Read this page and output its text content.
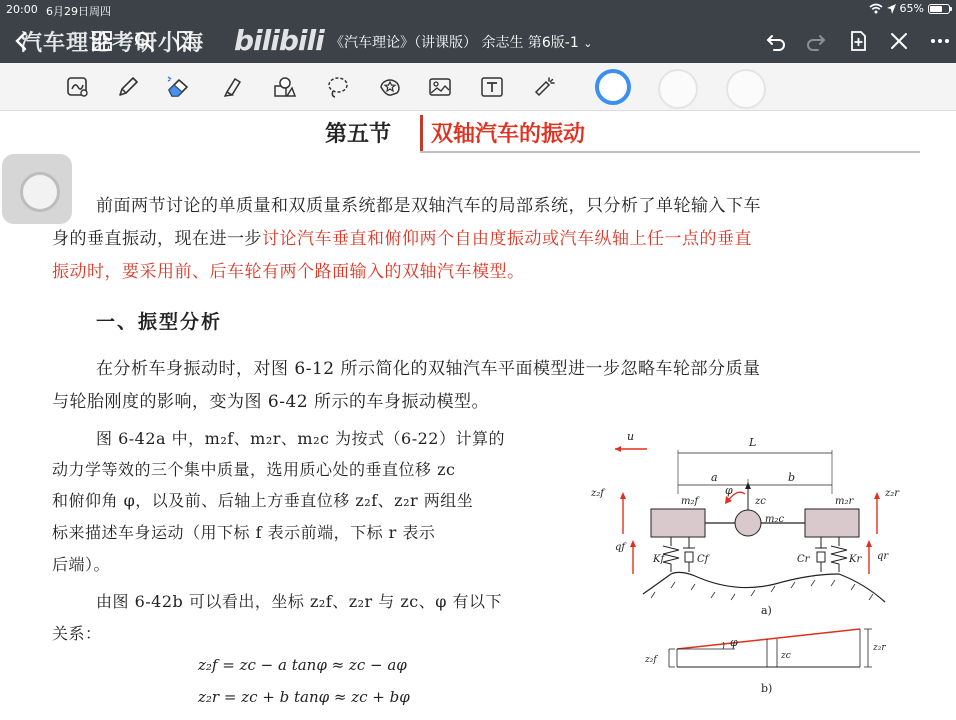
20:00 6月29日周四	65%
汽车理论考研小海 bilibili 《汽车理论》（讲课版） 余志生 第6版-1 ⌄
第五节 双轴汽车的振动
前面两节讨论的单质量和双质量系统都是双轴汽车的局部系统，只分析了单轮输入下车
身的垂直振动，现在进一步讨论汽车垂直和俯仰两个自由度振动或汽车纵轴上任一点的垂直
振动时，要采用前、后车轮有两个路面输入的双轴汽车模型。
一、振型分析
在分析车身振动时，对图 6-12 所示简化的双轴汽车平面模型进一步忽略车轮部分质量
与轮胎刚度的影响，变为图 6-42 所示的车身振动模型。
图 6-42a 中，m₂f、m₂r、m₂c 为按式（6-22）计算的
动力学等效的三个集中质量，选用质心处的垂直位移 zc
和俯仰角 φ，以及前、后轴上方垂直位移 z₂f、z₂r 两组坐
标来描述车身运动（用下标 f 表示前端，下标 r 表示
后端）。
由图 6-42b 可以看出，坐标 z₂f、z₂r 与 zc、φ 有以下
关系：
z₂f = zc − a tanφ ≈ zc − aφ
z₂r = zc + b tanφ ≈ zc + bφ
u	L
a	b
z₂f	z₂r
m₂f	m₂r
m₂c
zc
φ
Kf	Cf	Cr	Kr
qf
qr
a)
φ
z₂f	zc
z₂r
b)
